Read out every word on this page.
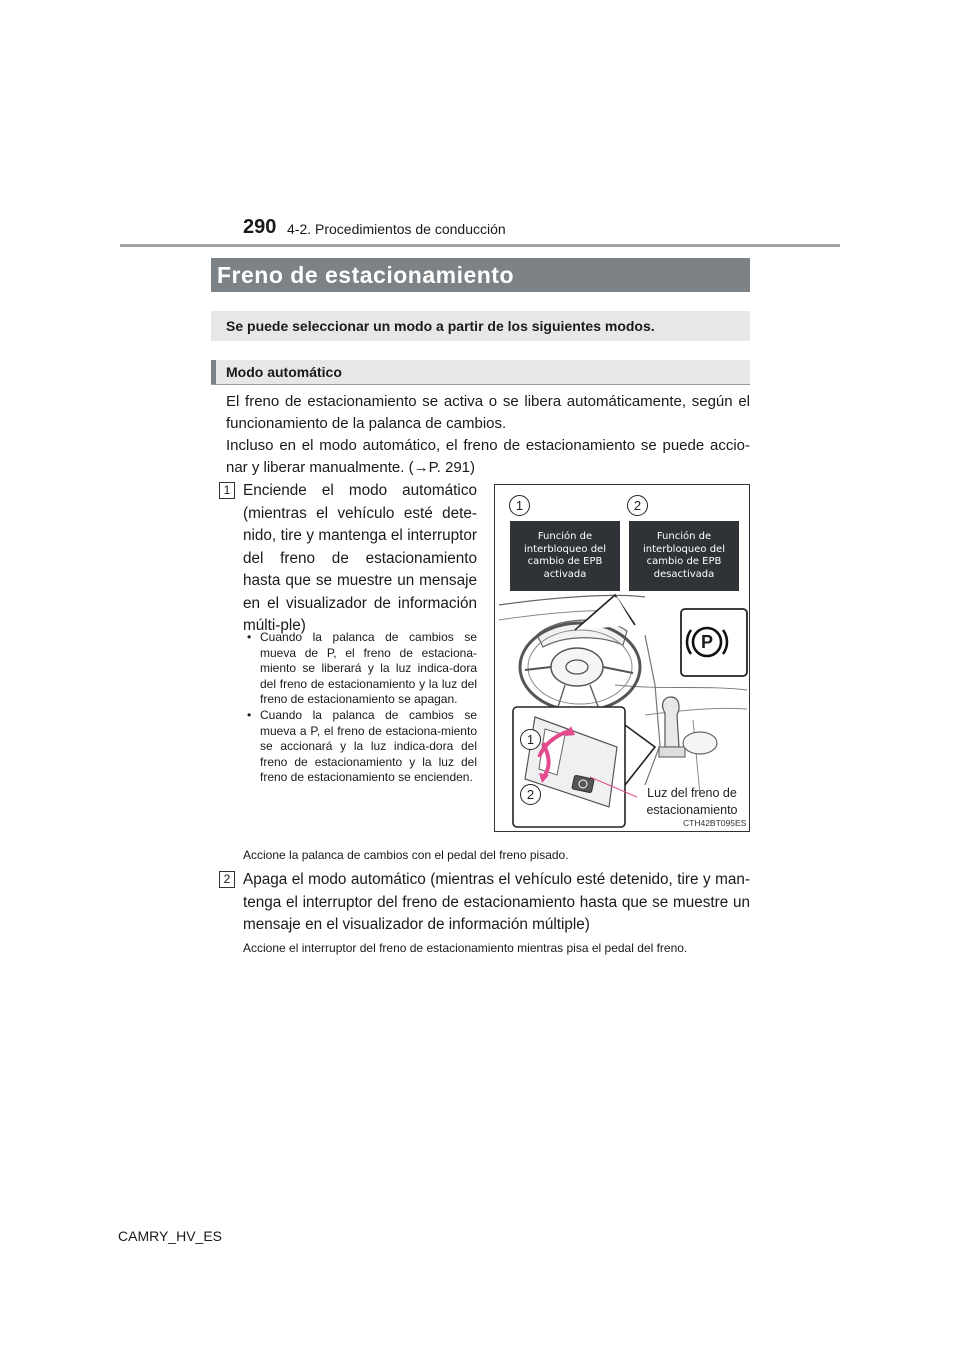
290 4-2. Procedimientos de conducción
Freno de estacionamiento
Se puede seleccionar un modo a partir de los siguientes modos.
Modo automático

El freno de estacionamiento se activa o se libera automáticamente, según el funcionamiento de la palanca de cambios.

Incluso en el modo automático, el freno de estacionamiento se puede accio-nar y liberar manualmente. (→P. 291)

1 Enciende el modo automático (mientras el vehículo esté dete-nido, tire y mantenga el interruptor del freno de estacionamiento hasta que se muestre un mensaje en el visualizador de información múlti-ple)

• Cuando la palanca de cambios se mueva de P, el freno de estaciona-miento se liberará y la luz indica-dora del freno de estacionamiento y la luz del freno de estacionamiento se apagan.
• Cuando la palanca de cambios se mueva a P, el freno de estaciona-miento se accionará y la luz indica-dora del freno de estacionamiento y la luz del freno de estacionamiento se encienden.

Accione la palanca de cambios con el pedal del freno pisado.

2 Apaga el modo automático (mientras el vehículo esté detenido, tire y man-tenga el interruptor del freno de estacionamiento hasta que se muestre un mensaje en el visualizador de información múltiple)

Accione el interruptor del freno de estacionamiento mientras pisa el pedal del freno.

1	2
Función de interbloqueo del cambio de EPB activada
Función de interbloqueo del cambio de EPB desactivada
P
1
2	Luz del freno de estacionamiento
CTH42BT095ES
CAMRY_HV_ES
